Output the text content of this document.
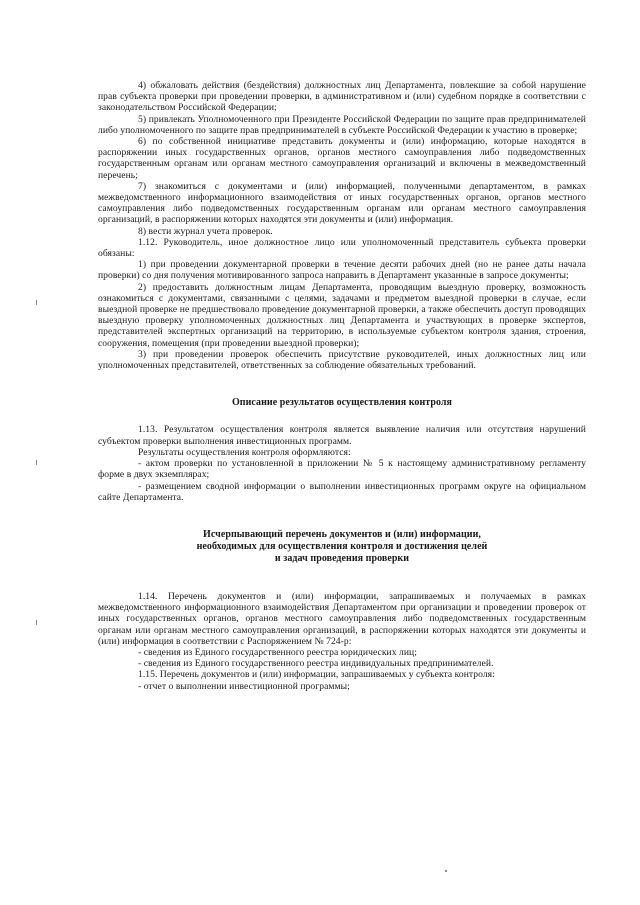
4) обжаловать действия (бездействия) должностных лиц Департамента, повлекшие за собой нарушение прав субъекта проверки при проведении проверки, в административном и (или) судебном порядке в соответствии с законодательством Российской Федерации;

5) привлекать Уполномоченного при Президенте Российской Федерации по защите прав предпринимателей либо уполномоченного по защите прав предпринимателей в субъекте Российской Федерации к участию в проверке;

6) по собственной инициативе представить документы и (или) информацию, которые находятся в распоряжении иных государственных органов, органов местного самоуправления либо подведомственных государственным органам или органам местного самоуправления организаций и включены в межведомственный перечень;

7) знакомиться с документами и (или) информацией, полученными департаментом, в рамках межведомственного информационного взаимодействия от иных государственных органов, органов местного самоуправления либо подведомственных государственным органам или органам местного самоуправления организаций, в распоряжении которых находятся эти документы и (или) информация.

8) вести журнал учета проверок.

1.12. Руководитель, иное должностное лицо или уполномоченный представитель субъекта проверки обязаны:

1) при проведении документарной проверки в течение десяти рабочих дней (но не ранее даты начала проверки) со дня получения мотивированного запроса направить в Департамент указанные в запросе документы;

2) предоставить должностным лицам Департамента, проводящим выездную проверку, возможность ознакомиться с документами, связанными с целями, задачами и предметом выездной проверки в случае, если выездной проверке не предшествовало проведение документарной проверки, а также обеспечить доступ проводящих выездную проверку уполномоченных должностных лиц Департамента и участвующих в проверке экспертов, представителей экспертных организаций на территорию, в используемые субъектом контроля здания, строения, сооружения, помещения (при проведении выездной проверки);

3) при проведении проверок обеспечить присутствие руководителей, иных должностных лиц или уполномоченных представителей, ответственных за соблюдение обязательных требований.

Описание результатов осуществления контроля

1.13. Результатом осуществления контроля является выявление наличия или отсутствия нарушений субъектом проверки выполнения инвестиционных программ.

Результаты осуществления контроля оформляются:

- актом проверки по установленной в приложении № 5 к настоящему административному регламенту форме в двух экземплярах;

- размещением сводной информации о выполнении инвестиционных программ округе на официальном сайте Департамента.

Исчерпывающий перечень документов и (или) информации,
необходимых для осуществления контроля и достижения целей
и задач проведения проверки

1.14. Перечень документов и (или) информации, запрашиваемых и получаемых в рамках межведомственного информационного взаимодействия Департаментом при организации и проведении проверок от иных государственных органов, органов местного самоуправления либо подведомственных государственным органам или органам местного самоуправления организаций, в распоряжении которых находятся эти документы и (или) информация в соответствии с Распоряжением № 724-р:

- сведения из Единого государственного реестра юридических лиц;

- сведения из Единого государственного реестра индивидуальных предпринимателей.

1.15. Перечень документов и (или) информации, запрашиваемых у субъекта контроля:

- отчет о выполнении инвестиционной программы;
